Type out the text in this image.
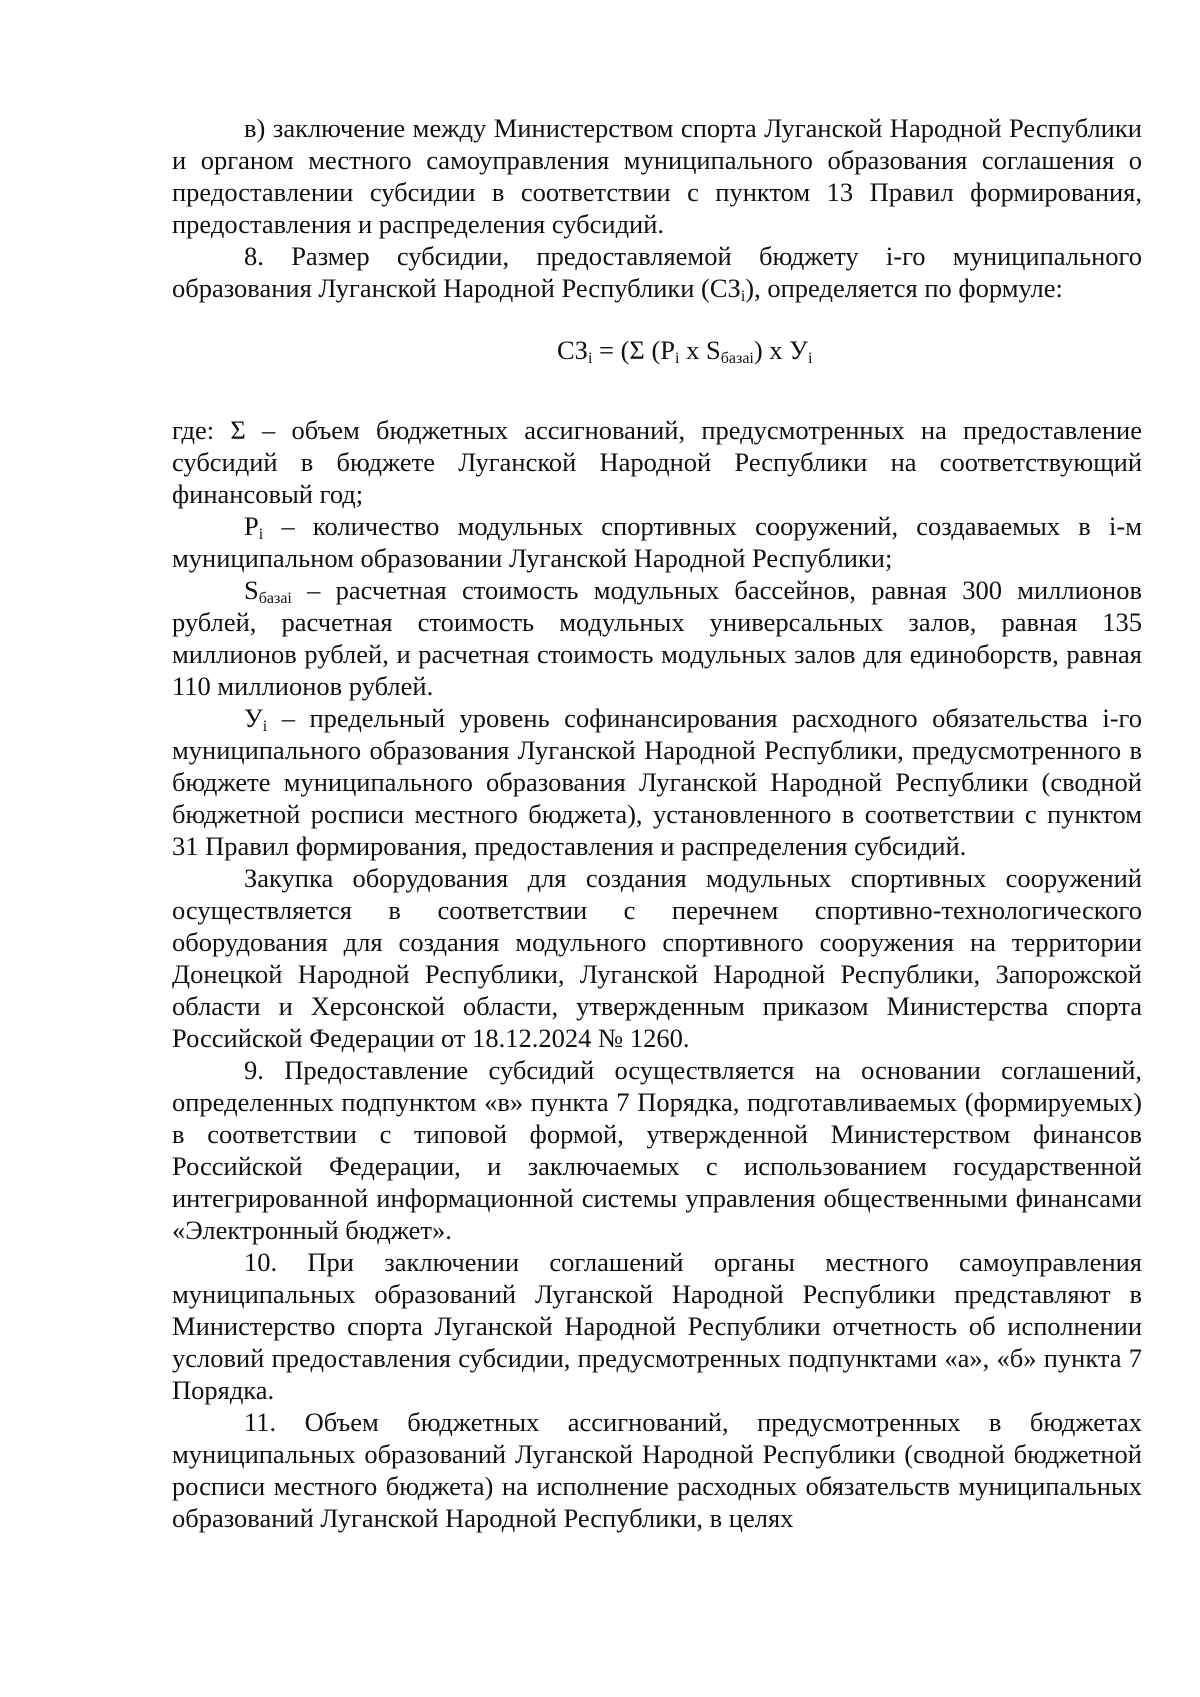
в) заключение между Министерством спорта Луганской Народной Республики и органом местного самоуправления муниципального образования соглашения о предоставлении субсидии в соответствии с пунктом 13 Правил формирования, предоставления и распределения субсидий.

8. Размер субсидии, предоставляемой бюджету i-го муниципального образования Луганской Народной Республики $(СЗ_i)$, определяется по формуле:

$СЗ_i = (\Sigma$ ($P_i$ x $S_{базаi}$) x $У_i$

где: Σ – объем бюджетных ассигнований, предусмотренных на предоставление субсидий в бюджете Луганской Народной Республики на соответствующий финансовый год;

$P_i$ – количество модульных спортивных сооружений, создаваемых в i-м муниципальном образовании Луганской Народной Республики;

$S_{базаi}$ – расчетная стоимость модульных бассейнов, равная 300 миллионов рублей, расчетная стоимость модульных универсальных залов, равная 135 миллионов рублей, и расчетная стоимость модульных залов для единоборств, равная 110 миллионов рублей.

$У_i$ – предельный уровень софинансирования расходного обязательства i-го муниципального образования Луганской Народной Республики, предусмотренного в бюджете муниципального образования Луганской Народной Республики (сводной бюджетной росписи местного бюджета), установленного в соответствии с пунктом 31 Правил формирования, предоставления и распределения субсидий.

Закупка оборудования для создания модульных спортивных сооружений осуществляется в соответствии с перечнем спортивно-технологического оборудования для создания модульного спортивного сооружения на территории Донецкой Народной Республики, Луганской Народной Республики, Запорожской области и Херсонской области, утвержденным приказом Министерства спорта Российской Федерации от 18.12.2024 № 1260.

9. Предоставление субсидий осуществляется на основании соглашений, определенных подпунктом «в» пункта 7 Порядка, подготавливаемых (формируемых) в соответствии с типовой формой, утвержденной Министерством финансов Российской Федерации, и заключаемых с использованием государственной интегрированной информационной системы управления общественными финансами «Электронный бюджет».

10. При заключении соглашений органы местного самоуправления муниципальных образований Луганской Народной Республики представляют в Министерство спорта Луганской Народной Республики отчетность об исполнении условий предоставления субсидии, предусмотренных подпунктами «а», «б» пункта 7 Порядка.

11. Объем бюджетных ассигнований, предусмотренных в бюджетах муниципальных образований Луганской Народной Республики (сводной бюджетной росписи местного бюджета) на исполнение расходных обязательств муниципальных образований Луганской Народной Республики, в целях
